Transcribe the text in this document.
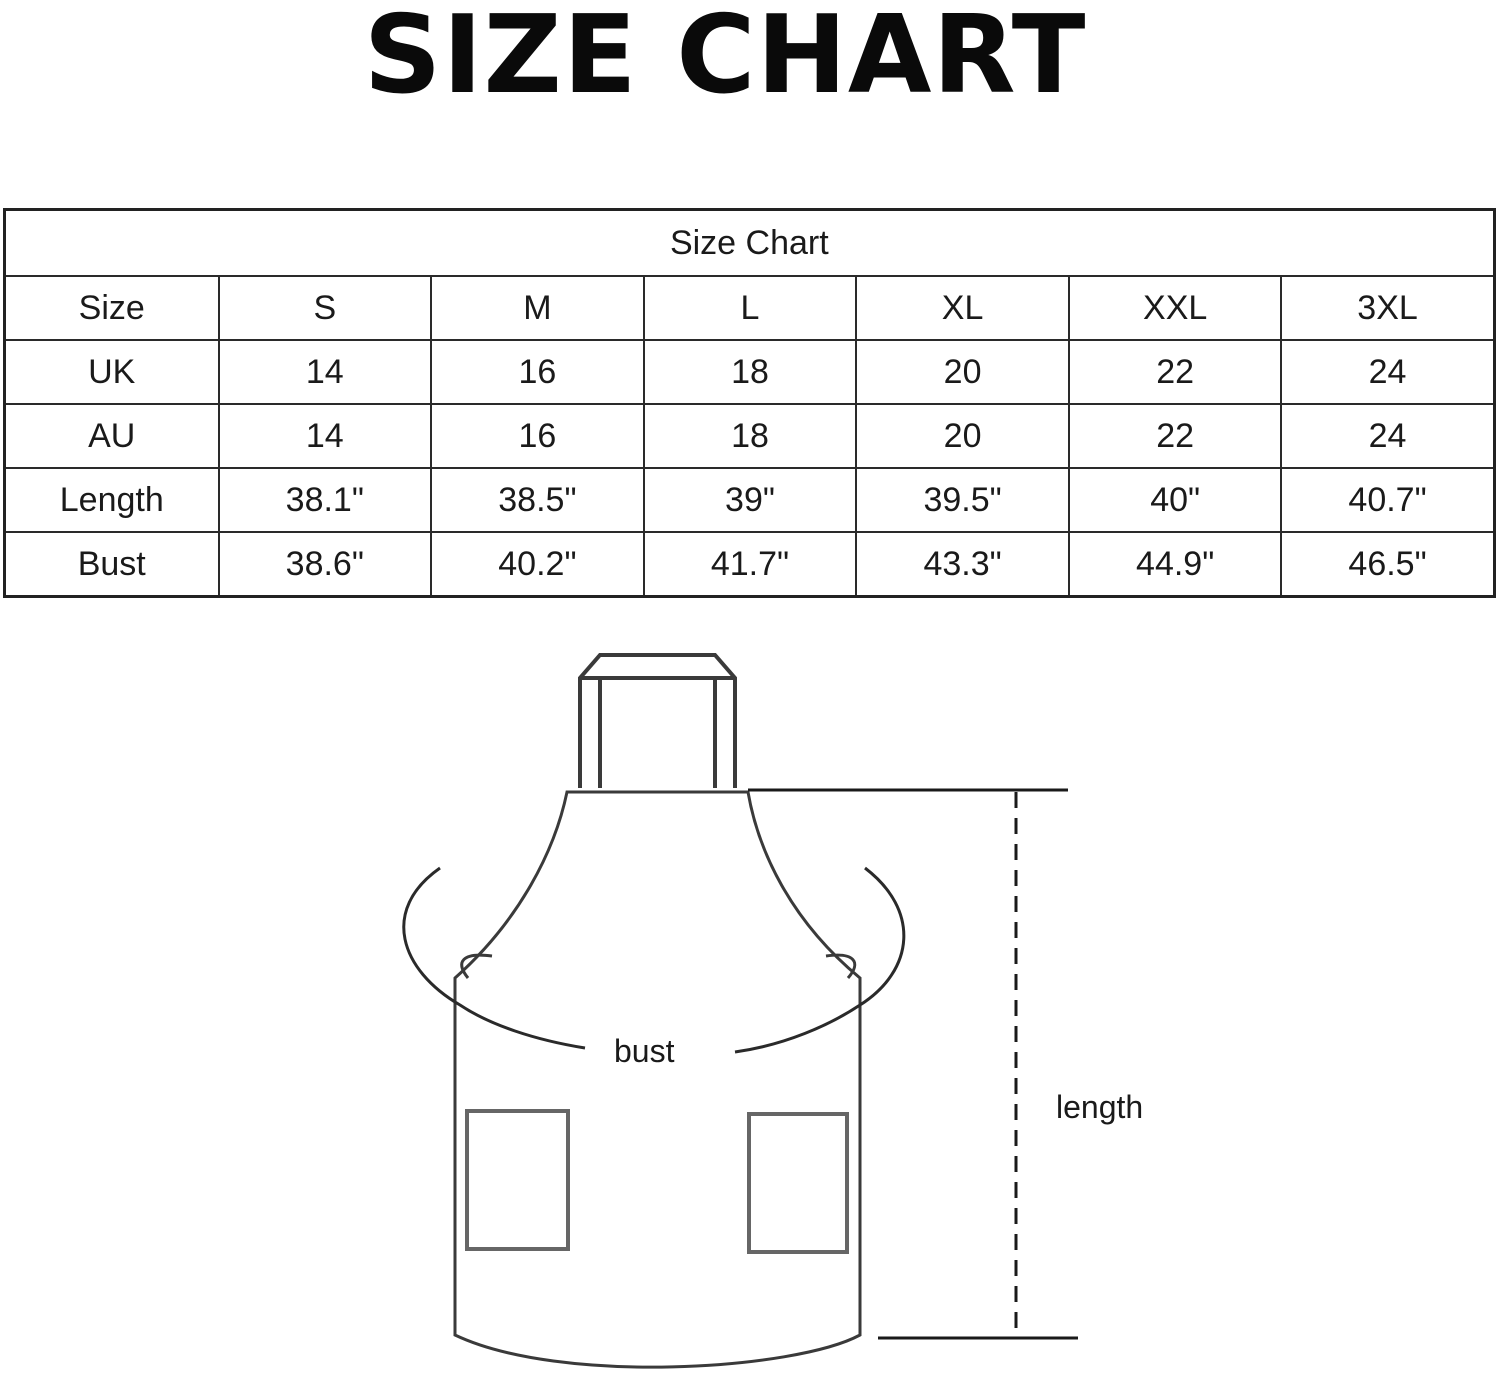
SIZE CHART
Size Chart						
Size	S	M	L	XL	XXL	3XL
UK	14	16	18	20	22	24
AU	14	16	18	20	22	24
Length	38.1"	38.5"	39"	39.5"	40"	40.7"
Bust	38.6"	40.2"	41.7"	43.3"	44.9"	46.5"
bust
length
